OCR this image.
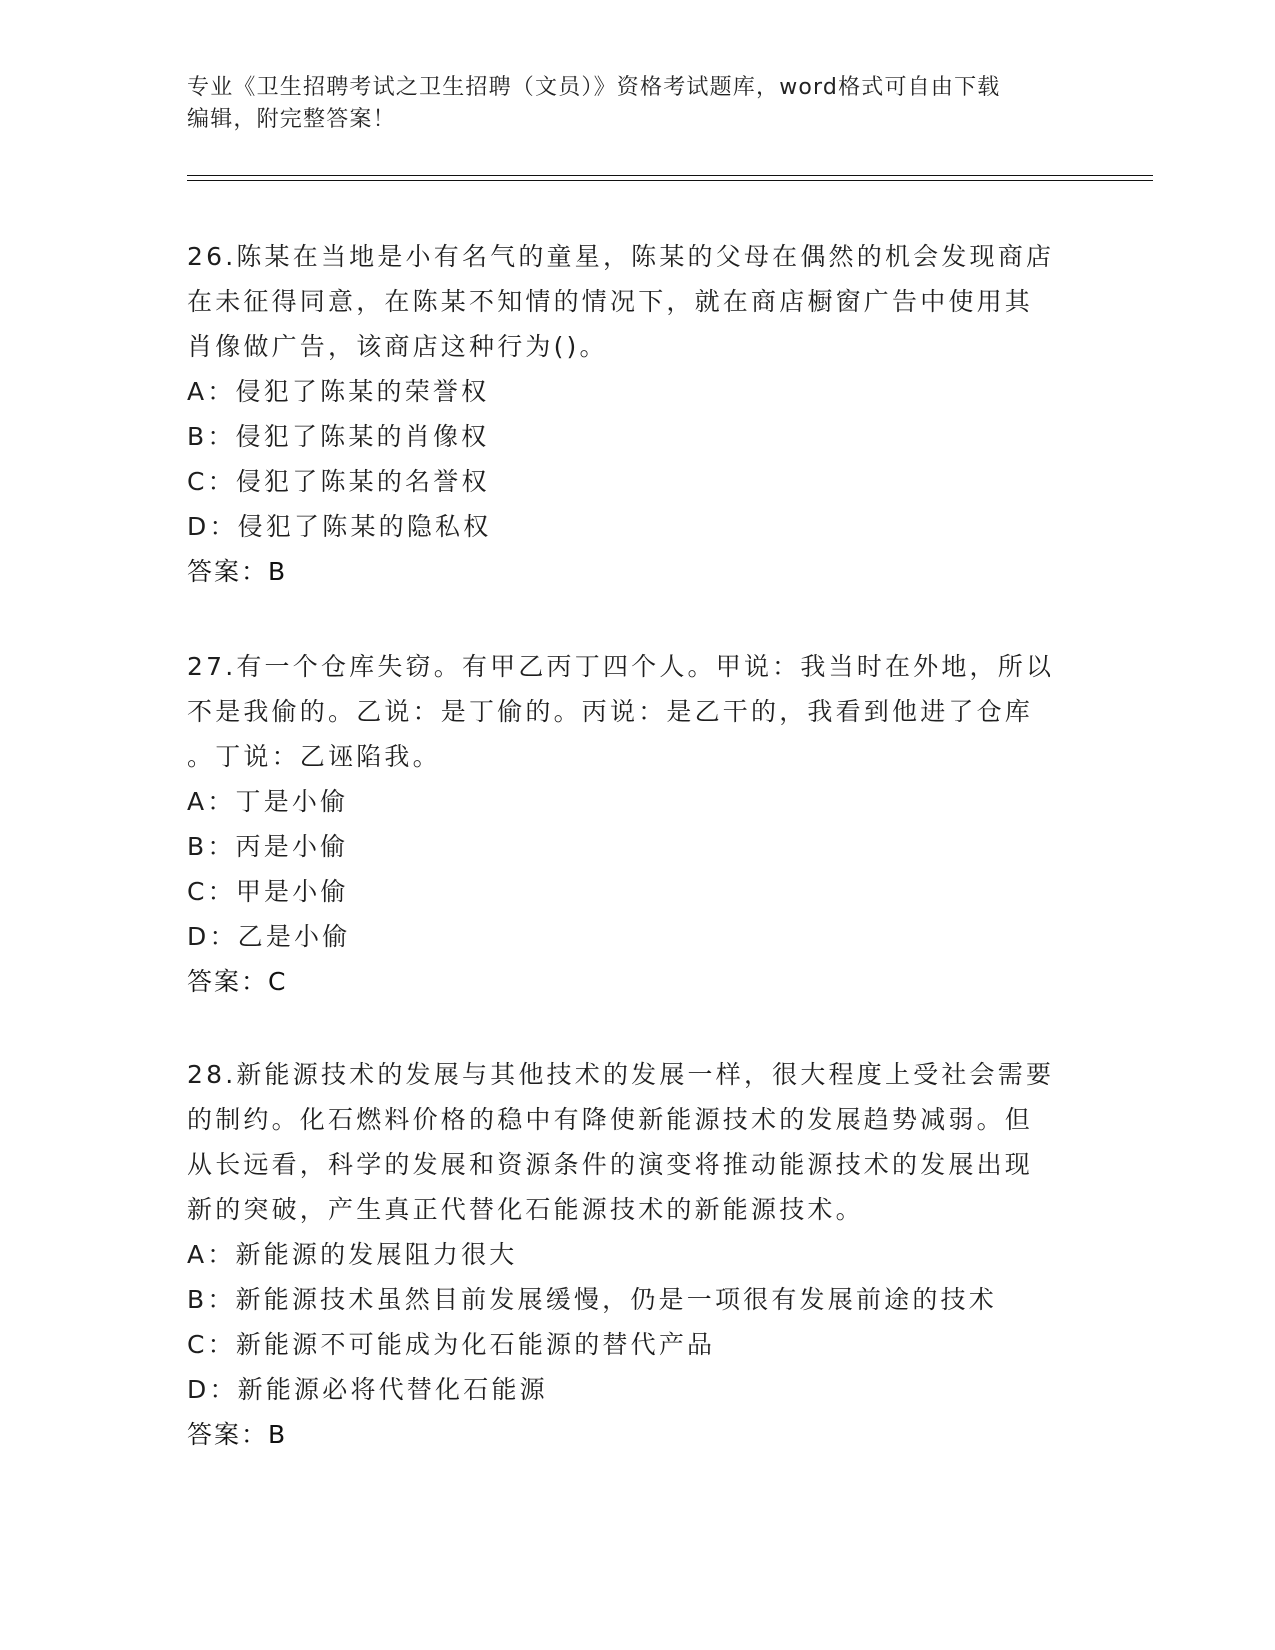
专业《卫生招聘考试之卫生招聘（文员）》资格考试题库，word格式可自由下载
编辑，附完整答案！
26.陈某在当地是小有名气的童星，陈某的父母在偶然的机会发现商店
在未征得同意，在陈某不知情的情况下，就在商店橱窗广告中使用其
肖像做广告，该商店这种行为()。
A：侵犯了陈某的荣誉权
B：侵犯了陈某的肖像权
C：侵犯了陈某的名誉权
D：侵犯了陈某的隐私权
答案：B
27.有一个仓库失窃。有甲乙丙丁四个人。甲说：我当时在外地，所以
不是我偷的。乙说：是丁偷的。丙说：是乙干的，我看到他进了仓库
。丁说：乙诬陷我。
A：丁是小偷
B：丙是小偷
C：甲是小偷
D：乙是小偷
答案：C
28.新能源技术的发展与其他技术的发展一样，很大程度上受社会需要
的制约。化石燃料价格的稳中有降使新能源技术的发展趋势减弱。但
从长远看，科学的发展和资源条件的演变将推动能源技术的发展出现
新的突破，产生真正代替化石能源技术的新能源技术。
A：新能源的发展阻力很大
B：新能源技术虽然目前发展缓慢，仍是一项很有发展前途的技术
C：新能源不可能成为化石能源的替代产品
D：新能源必将代替化石能源
答案：B
